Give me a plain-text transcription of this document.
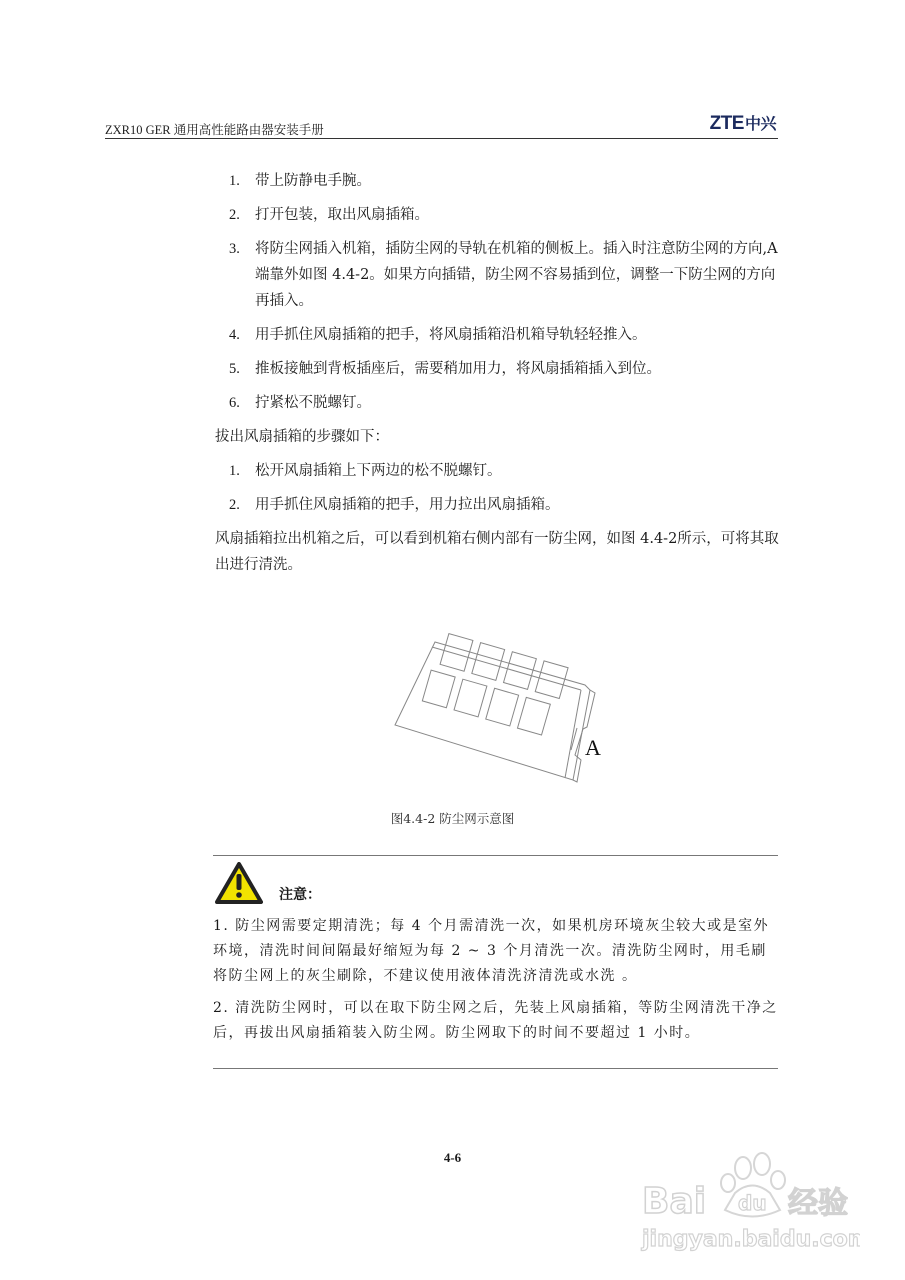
ZXR10 GER 通用高性能路由器安装手册	ZTE中兴
1. 带上防静电手腕。
2. 打开包装，取出风扇插箱。
3. 将防尘网插入机箱，插防尘网的导轨在机箱的侧板上。插入时注意防尘网的方向,A 端靠外如图 4.4-2。如果方向插错，防尘网不容易插到位，调整一下防尘网的方向再插入。
4. 用手抓住风扇插箱的把手，将风扇插箱沿机箱导轨轻轻推入。
5. 推板接触到背板插座后，需要稍加用力，将风扇插箱插入到位。
6. 拧紧松不脱螺钉。
拔出风扇插箱的步骤如下：
1. 松开风扇插箱上下两边的松不脱螺钉。
2. 用手抓住风扇插箱的把手，用力拉出风扇插箱。
风扇插箱拉出机箱之后，可以看到机箱右侧内部有一防尘网，如图 4.4-2所示，可将其取出进行清洗。
A
图4.4-2 防尘网示意图
注意：
1. 防尘网需要定期清洗；每 4 个月需清洗一次，如果机房环境灰尘较大或是室外环境，清洗时间间隔最好缩短为每 2 ~ 3 个月清洗一次。清洗防尘网时，用毛刷将防尘网上的灰尘刷除，不建议使用液体清洗济清洗或水洗 。
2. 清洗防尘网时，可以在取下防尘网之后，先装上风扇插箱，等防尘网清洗干净之后，再拔出风扇插箱装入防尘网。防尘网取下的时间不要超过 1 小时。
4-6
Bai du 经验
jingyan.baidu.com
